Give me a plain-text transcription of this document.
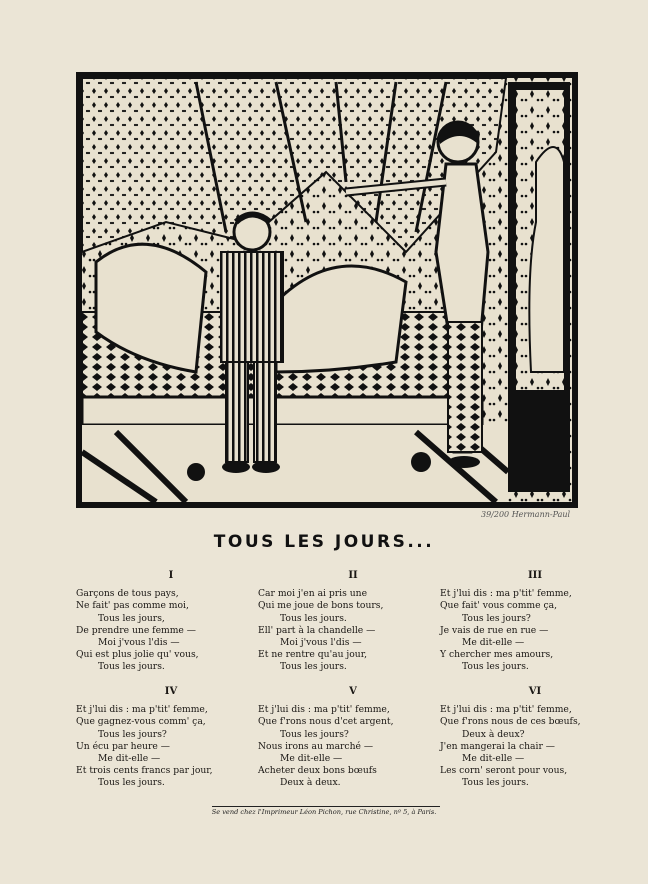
39/200 Hermann-Paul
TOUS LES JOURS...
I
Garçons de tous pays,
Ne fait' pas comme moi,
Tous les jours,
De prendre une femme —
Moi j'vous l'dis —
Qui est plus jolie qu' vous,
Tous les jours.
II
Car moi j'en ai pris une
Qui me joue de bons tours,
Tous les jours.
Ell' part à la chandelle —
Moi j'vous l'dis —
Et ne rentre qu'au jour,
Tous les jours.
III
Et j'lui dis : ma p'tit' femme,
Que fait' vous comme ça,
Tous les jours?
Je vais de rue en rue —
Me dit-elle —
Y chercher mes amours,
Tous les jours.
IV
Et j'lui dis : ma p'tit' femme,
Que gagnez-vous comm' ça,
Tous les jours?
Un écu par heure —
Me dit-elle —
Et trois cents francs par jour,
Tous les jours.
V
Et j'lui dis : ma p'tit' femme,
Que f'rons nous d'cet argent,
Tous les jours?
Nous irons au marché —
Me dit-elle —
Acheter deux bons bœufs
Deux à deux.
VI
Et j'lui dis : ma p'tit' femme,
Que f'rons nous de ces bœufs,
Deux à deux?
J'en mangerai la chair —
Me dit-elle —
Les corn' seront pour vous,
Tous les jours.
Se vend chez l'Imprimeur Léon Pichon, rue Christine, nº 5, à Paris.
